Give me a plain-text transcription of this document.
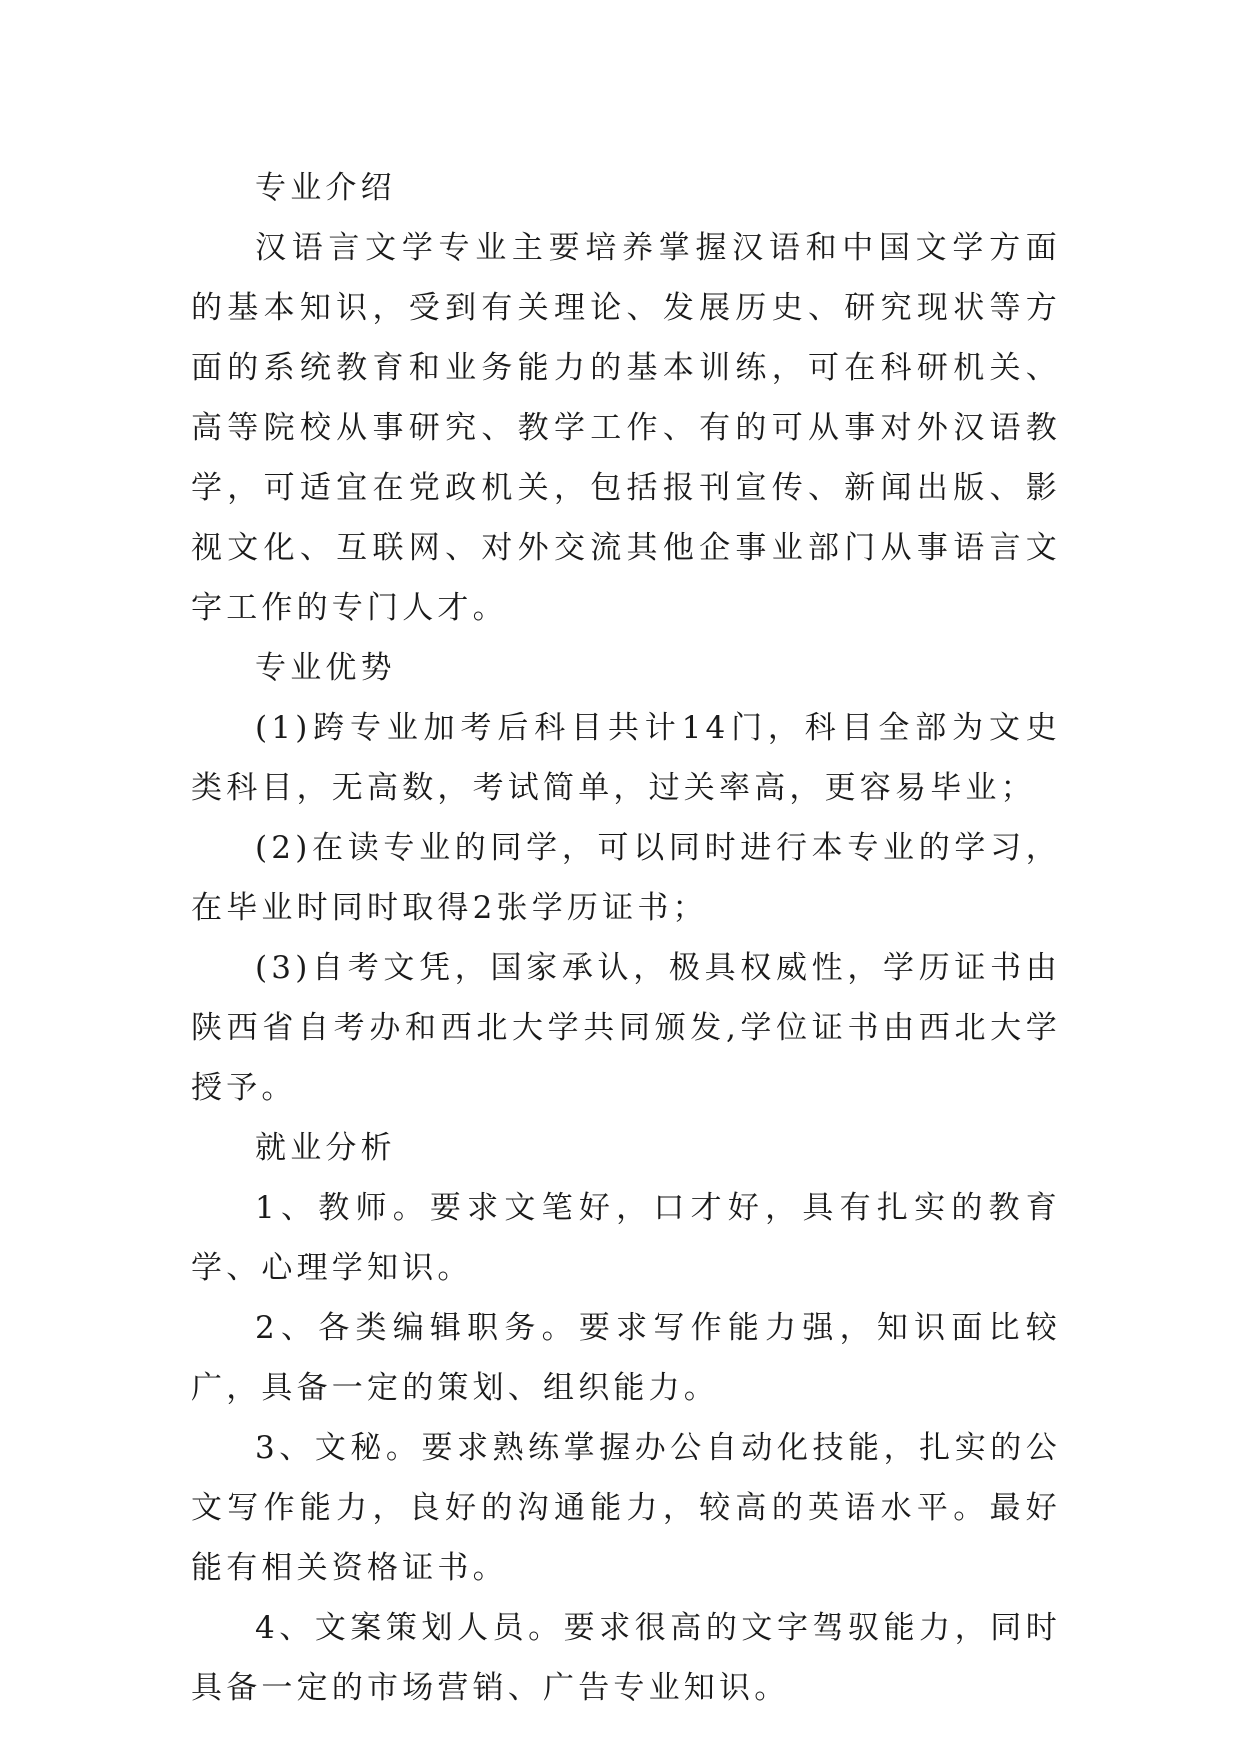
专业介绍

汉语言文学专业主要培养掌握汉语和中国文学方面的基本知识，受到有关理论、发展历史、研究现状等方面的系统教育和业务能力的基本训练，可在科研机关、高等院校从事研究、教学工作、有的可从事对外汉语教学，可适宜在党政机关，包括报刊宣传、新闻出版、影视文化、互联网、对外交流其他企事业部门从事语言文字工作的专门人才。

专业优势

(1)跨专业加考后科目共计14门，科目全部为文史类科目，无高数，考试简单，过关率高，更容易毕业；

(2)在读专业的同学，可以同时进行本专业的学习，在毕业时同时取得2张学历证书；

(3)自考文凭，国家承认，极具权威性，学历证书由陕西省自考办和西北大学共同颁发,学位证书由西北大学授予。

就业分析

1、教师。要求文笔好，口才好，具有扎实的教育学、心理学知识。

2、各类编辑职务。要求写作能力强，知识面比较广，具备一定的策划、组织能力。

3、文秘。要求熟练掌握办公自动化技能，扎实的公文写作能力，良好的沟通能力，较高的英语水平。最好能有相关资格证书。

4、文案策划人员。要求很高的文字驾驭能力，同时具备一定的市场营销、广告专业知识。
